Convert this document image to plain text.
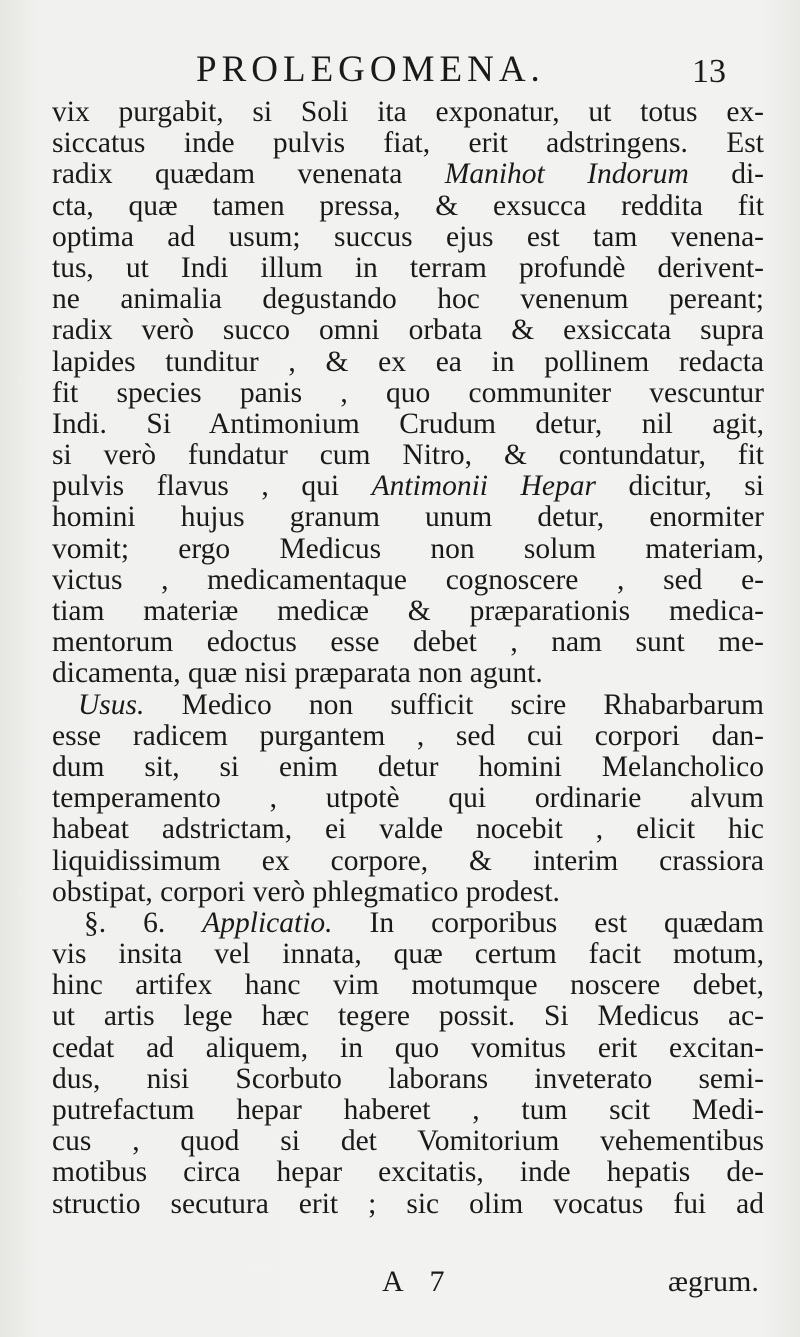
PROLEGOMENA.	13
vix purgabit, si Soli ita exponatur, ut totus ex-
siccatus inde pulvis fiat, erit adstringens. Est
radix quædam venenata Manihot Indorum di-
cta, quæ tamen pressa, & exsucca reddita fit
optima ad usum; succus ejus est tam venena-
tus, ut Indi illum in terram profundè derivent-
ne animalia degustando hoc venenum pereant;
radix verò succo omni orbata & exsiccata supra
lapides tunditur , & ex ea in pollinem redacta
fit species panis , quo communiter vescuntur
Indi. Si Antimonium Crudum detur, nil agit,
si verò fundatur cum Nitro, & contundatur, fit
pulvis flavus , qui Antimonii Hepar dicitur, si
homini hujus granum unum detur, enormiter
vomit; ergo Medicus non solum materiam,
victus , medicamentaque cognoscere , sed e-
tiam materiæ medicæ & præparationis medica-
mentorum edoctus esse debet , nam sunt me-
dicamenta, quæ nisi præparata non agunt.
Usus. Medico non sufficit scire Rhabarbarum
esse radicem purgantem , sed cui corpori dan-
dum sit, si enim detur homini Melancholico
temperamento , utpotè qui ordinarie alvum
habeat adstrictam, ei valde nocebit , elicit hic
liquidissimum ex corpore, & interim crassiora
obstipat, corpori verò phlegmatico prodest.
§. 6. Applicatio. In corporibus est quædam
vis insita vel innata, quæ certum facit motum,
hinc artifex hanc vim motumque noscere debet,
ut artis lege hæc tegere possit. Si Medicus ac-
cedat ad aliquem, in quo vomitus erit excitan-
dus, nisi Scorbuto laborans inveterato semi-
putrefactum hepar haberet , tum scit Medi-
cus , quod si det Vomitorium vehementibus
motibus circa hepar excitatis, inde hepatis de-
structio secutura erit ; sic olim vocatus fui ad
A 7	ægrum.
